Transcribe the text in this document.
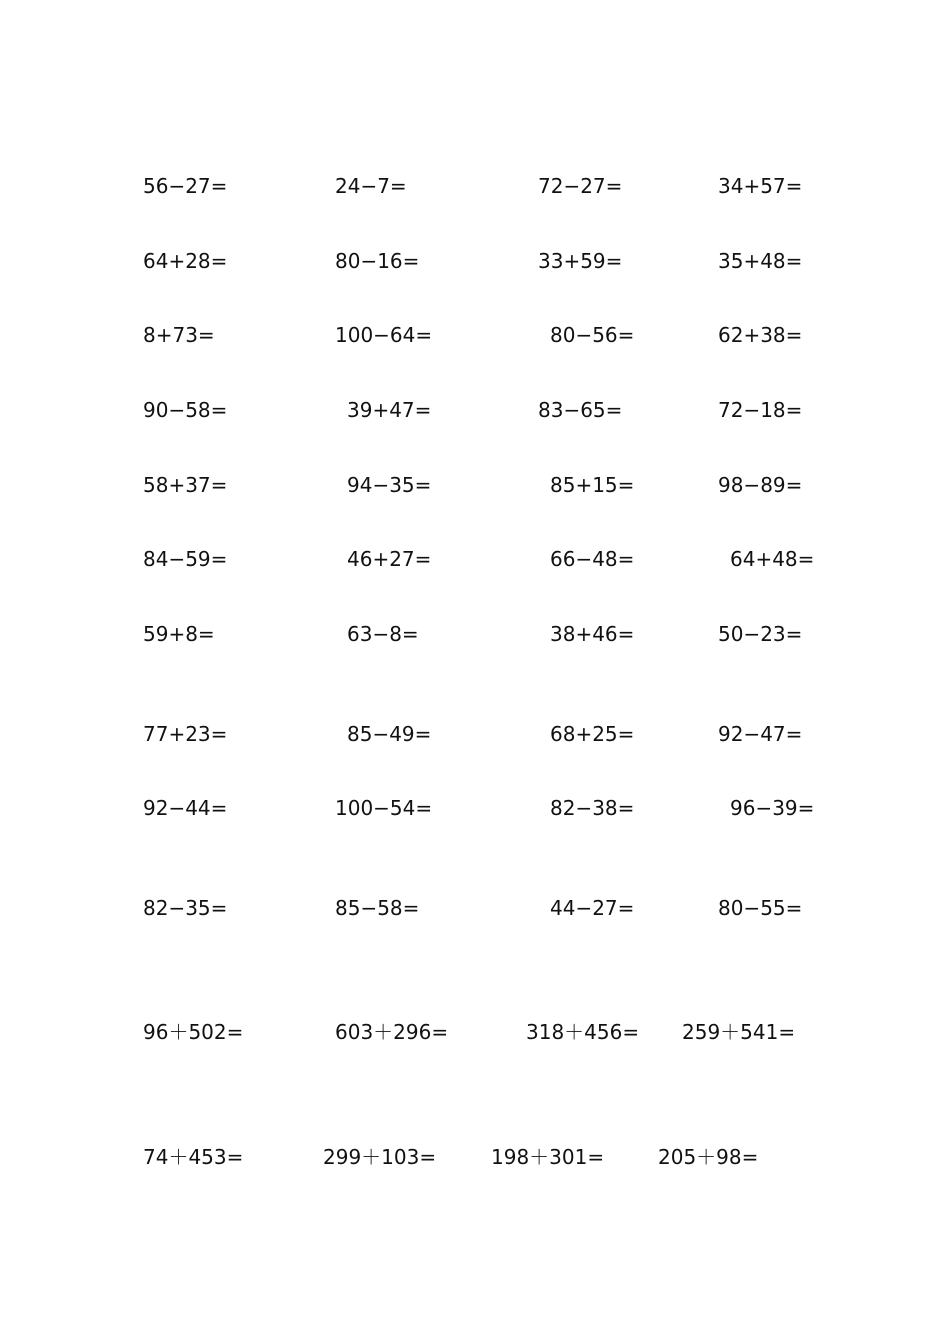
56−27=	24−7=	72−27=	34+57=
64+28=	80−16=	33+59=	35+48=
8+73=	100−64=	80−56=	62+38=
90−58=	39+47=	83−65=	72−18=
58+37=	94−35=	85+15=	98−89=
84−59=	46+27=	66−48=	64+48=
59+8=	63−8=	38+46=	50−23=
77+23=	85−49=	68+25=	92−47=
92−44=	100−54=	82−38=	96−39=
82−35=	85−58=	44−27=	80−55=
96＋502=	603＋296=	318＋456= 259＋541=
74＋453=	299＋103=	198＋301=	205＋98=
